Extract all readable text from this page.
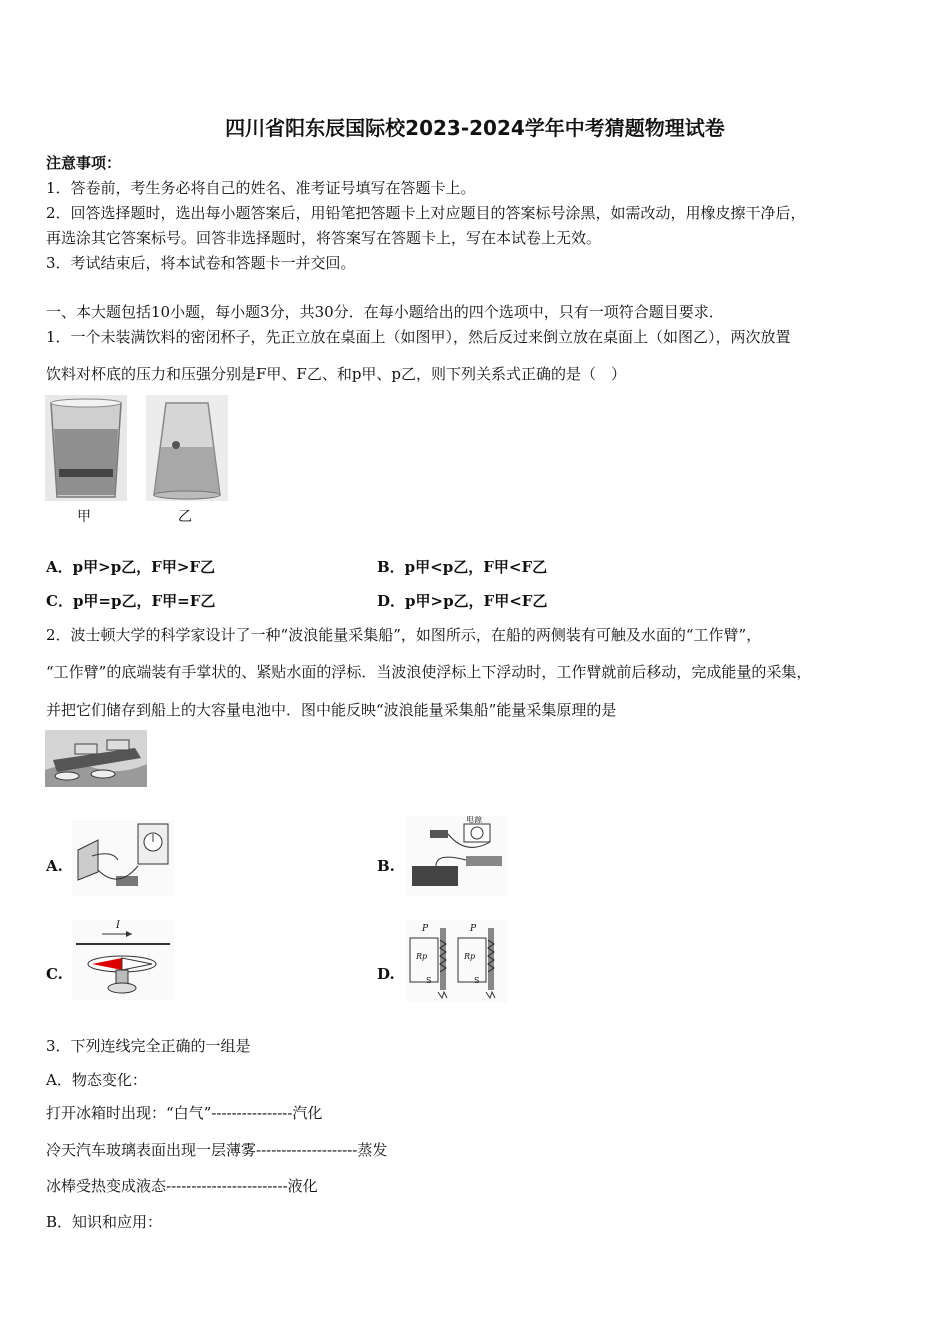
四川省阳东辰国际校2023-2024学年中考猜题物理试卷
注意事项：
1．答卷前，考生务必将自己的姓名、准考证号填写在答题卡上。
2．回答选择题时，选出每小题答案后，用铅笔把答题卡上对应题目的答案标号涂黑，如需改动，用橡皮擦干净后，
再选涂其它答案标号。回答非选择题时，将答案写在答题卡上，写在本试卷上无效。
3．考试结束后，将本试卷和答题卡一并交回。
一、本大题包括10小题，每小题3分，共30分．在每小题给出的四个选项中，只有一项符合题目要求．
1．一个未装满饮料的密闭杯子，先正立放在桌面上（如图甲），然后反过来倒立放在桌面上（如图乙），两次放置
饮料对杯底的压力和压强分别是F甲、F乙、和p甲、p乙，则下列关系式正确的是（　）
甲	乙
A．p甲>p乙，F甲>F乙	B．p甲<p乙，F甲<F乙
C．p甲=p乙，F甲=F乙	D．p甲>p乙，F甲<F乙
2．波士顿大学的科学家设计了一种“波浪能量采集船”，如图所示，在船的两侧装有可触及水面的“工作臂”，
“工作臂”的底端装有手掌状的、紧贴水面的浮标．当波浪使浮标上下浮动时，工作臂就前后移动，完成能量的采集，
并把它们储存到船上的大容量电池中．图中能反映“波浪能量采集船”能量采集原理的是
A.	B.
电源
C.
I
D.
P
Rp
S
P
Rp
S
3．下列连线完全正确的一组是
A．物态变化：
打开冰箱时出现：“白气”----------------汽化
冷天汽车玻璃表面出现一层薄雾--------------------蒸发
冰棒受热变成液态------------------------液化
B．知识和应用：
